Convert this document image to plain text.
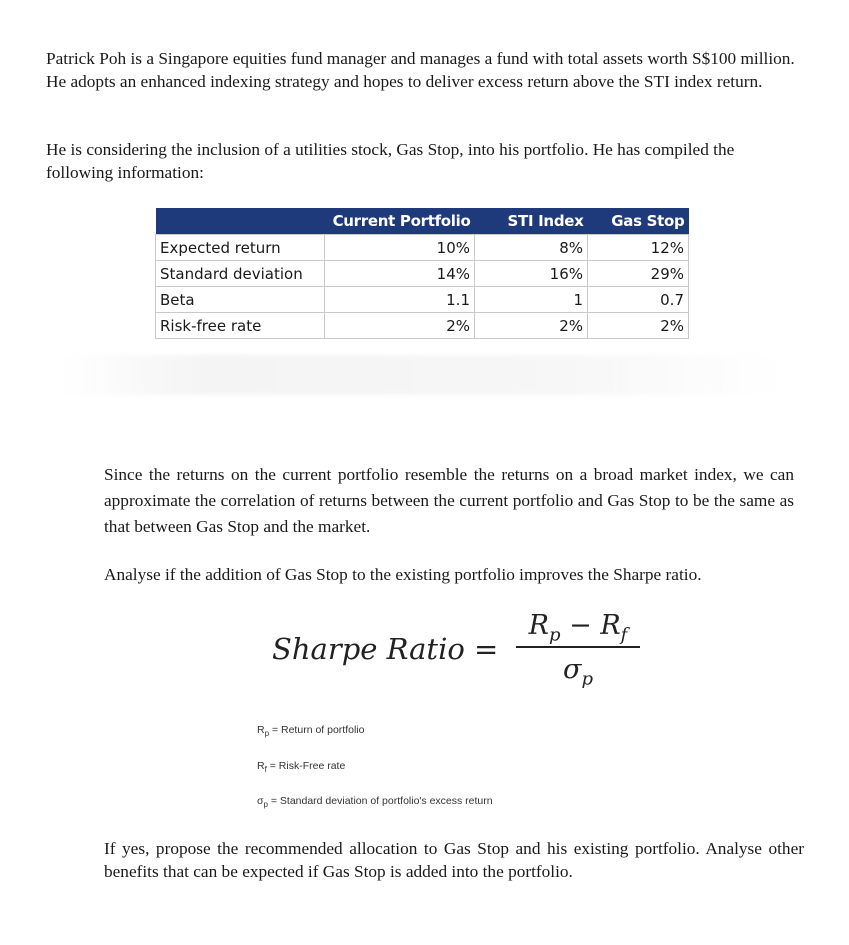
Patrick Poh is a Singapore equities fund manager and manages a fund with total assets worth S$100 million. He adopts an enhanced indexing strategy and hopes to deliver excess return above the STI index return.

He is considering the inclusion of a utilities stock, Gas Stop, into his portfolio. He has compiled the following information:

	Current Portfolio	STI Index	Gas Stop
Expected return	10%	8%	12%
Standard deviation	14%	16%	29%
Beta	1.1	1	0.7
Risk-free rate	2%	2%	2%

Since the returns on the current portfolio resemble the returns on a broad market index, we can approximate the correlation of returns between the current portfolio and Gas Stop to be the same as that between Gas Stop and the market.

Analyse if the addition of Gas Stop to the existing portfolio improves the Sharpe ratio.

Sharpe Ratio =
$R_p - R_f$
$\sigma_p$
$R_p$ = Return of portfolio
$R_f$ = Risk-Free rate
$\sigma_p$ = Standard deviation of portfolio's excess return

If yes, propose the recommended allocation to Gas Stop and his existing portfolio. Analyse other benefits that can be expected if Gas Stop is added into the portfolio.
